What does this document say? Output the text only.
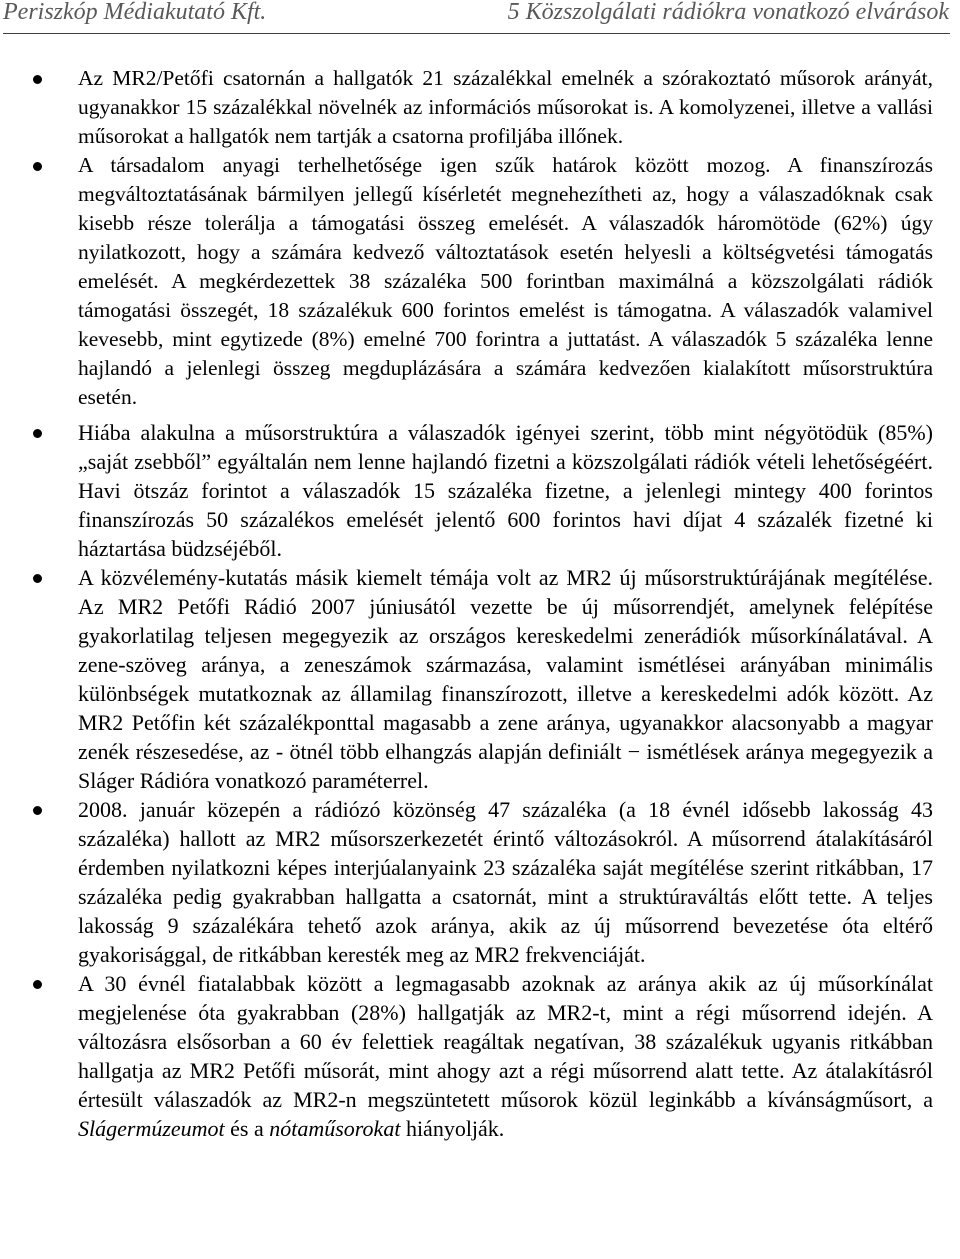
Periszkóp Médiakutató Kft.	5 Közszolgálati rádiókra vonatkozó elvárások
Az MR2/Petőfi csatornán a hallgatók 21 százalékkal emelnék a szórakoztató műsorok arányát, ugyanakkor 15 százalékkal növelnék az információs műsorokat is. A komolyzenei, illetve a vallási műsorokat a hallgatók nem tartják a csatorna profiljába illőnek.
A társadalom anyagi terhelhetősége igen szűk határok között mozog. A finanszírozás megváltoztatásának bármilyen jellegű kísérletét megnehezítheti az, hogy a válaszadóknak csak kisebb része tolerálja a támogatási összeg emelését. A válaszadók háromötöde (62%) úgy nyilatkozott, hogy a számára kedvező változtatások esetén helyesli a költségvetési támogatás emelését. A megkérdezettek 38 százaléka 500 forintban maximálná a közszolgálati rádiók támogatási összegét, 18 százalékuk 600 forintos emelést is támogatna. A válaszadók valamivel kevesebb, mint egytizede (8%) emelné 700 forintra a juttatást. A válaszadók 5 százaléka lenne hajlandó a jelenlegi összeg megduplázására a számára kedvezően kialakított műsorstruktúra esetén.
Hiába alakulna a műsorstruktúra a válaszadók igényei szerint, több mint négyötödük (85%) „saját zsebből” egyáltalán nem lenne hajlandó fizetni a közszolgálati rádiók vételi lehetőségéért. Havi ötszáz forintot a válaszadók 15 százaléka fizetne, a jelenlegi mintegy 400 forintos finanszírozás 50 százalékos emelését jelentő 600 forintos havi díjat 4 százalék fizetné ki háztartása büdzséjéből.
A közvélemény-kutatás másik kiemelt témája volt az MR2 új műsorstruktúrájának megítélése. Az MR2 Petőfi Rádió 2007 júniusától vezette be új műsorrendjét, amelynek felépítése gyakorlatilag teljesen megegyezik az országos kereskedelmi zenerádiók műsorkínálatával. A zene-szöveg aránya, a zeneszámok származása, valamint ismétlései arányában minimális különbségek mutatkoznak az államilag finanszírozott, illetve a kereskedelmi adók között. Az MR2 Petőfin két százalékponttal magasabb a zene aránya, ugyanakkor alacsonyabb a magyar zenék részesedése, az - ötnél több elhangzás alapján definiált − ismétlések aránya megegyezik a Sláger Rádióra vonatkozó paraméterrel.
2008. január közepén a rádiózó közönség 47 százaléka (a 18 évnél idősebb lakosság 43 százaléka) hallott az MR2 műsorszerkezetét érintő változásokról. A műsorrend átalakításáról érdemben nyilatkozni képes interjúalanyaink 23 százaléka saját megítélése szerint ritkábban, 17 százaléka pedig gyakrabban hallgatta a csatornát, mint a struktúraváltás előtt tette. A teljes lakosság 9 százalékára tehető azok aránya, akik az új műsorrend bevezetése óta eltérő gyakorisággal, de ritkábban keresték meg az MR2 frekvenciáját.
A 30 évnél fiatalabbak között a legmagasabb azoknak az aránya akik az új műsorkínálat megjelenése óta gyakrabban (28%) hallgatják az MR2-t, mint a régi műsorrend idején. A változásra elsősorban a 60 év felettiek reagáltak negatívan, 38 százalékuk ugyanis ritkábban hallgatja az MR2 Petőfi műsorát, mint ahogy azt a régi műsorrend alatt tette. Az átalakításról értesült válaszadók az MR2-n megszüntetett műsorok közül leginkább a kívánságműsort, a Slágermúzeumot és a nótaműsorokat hiányolják.
